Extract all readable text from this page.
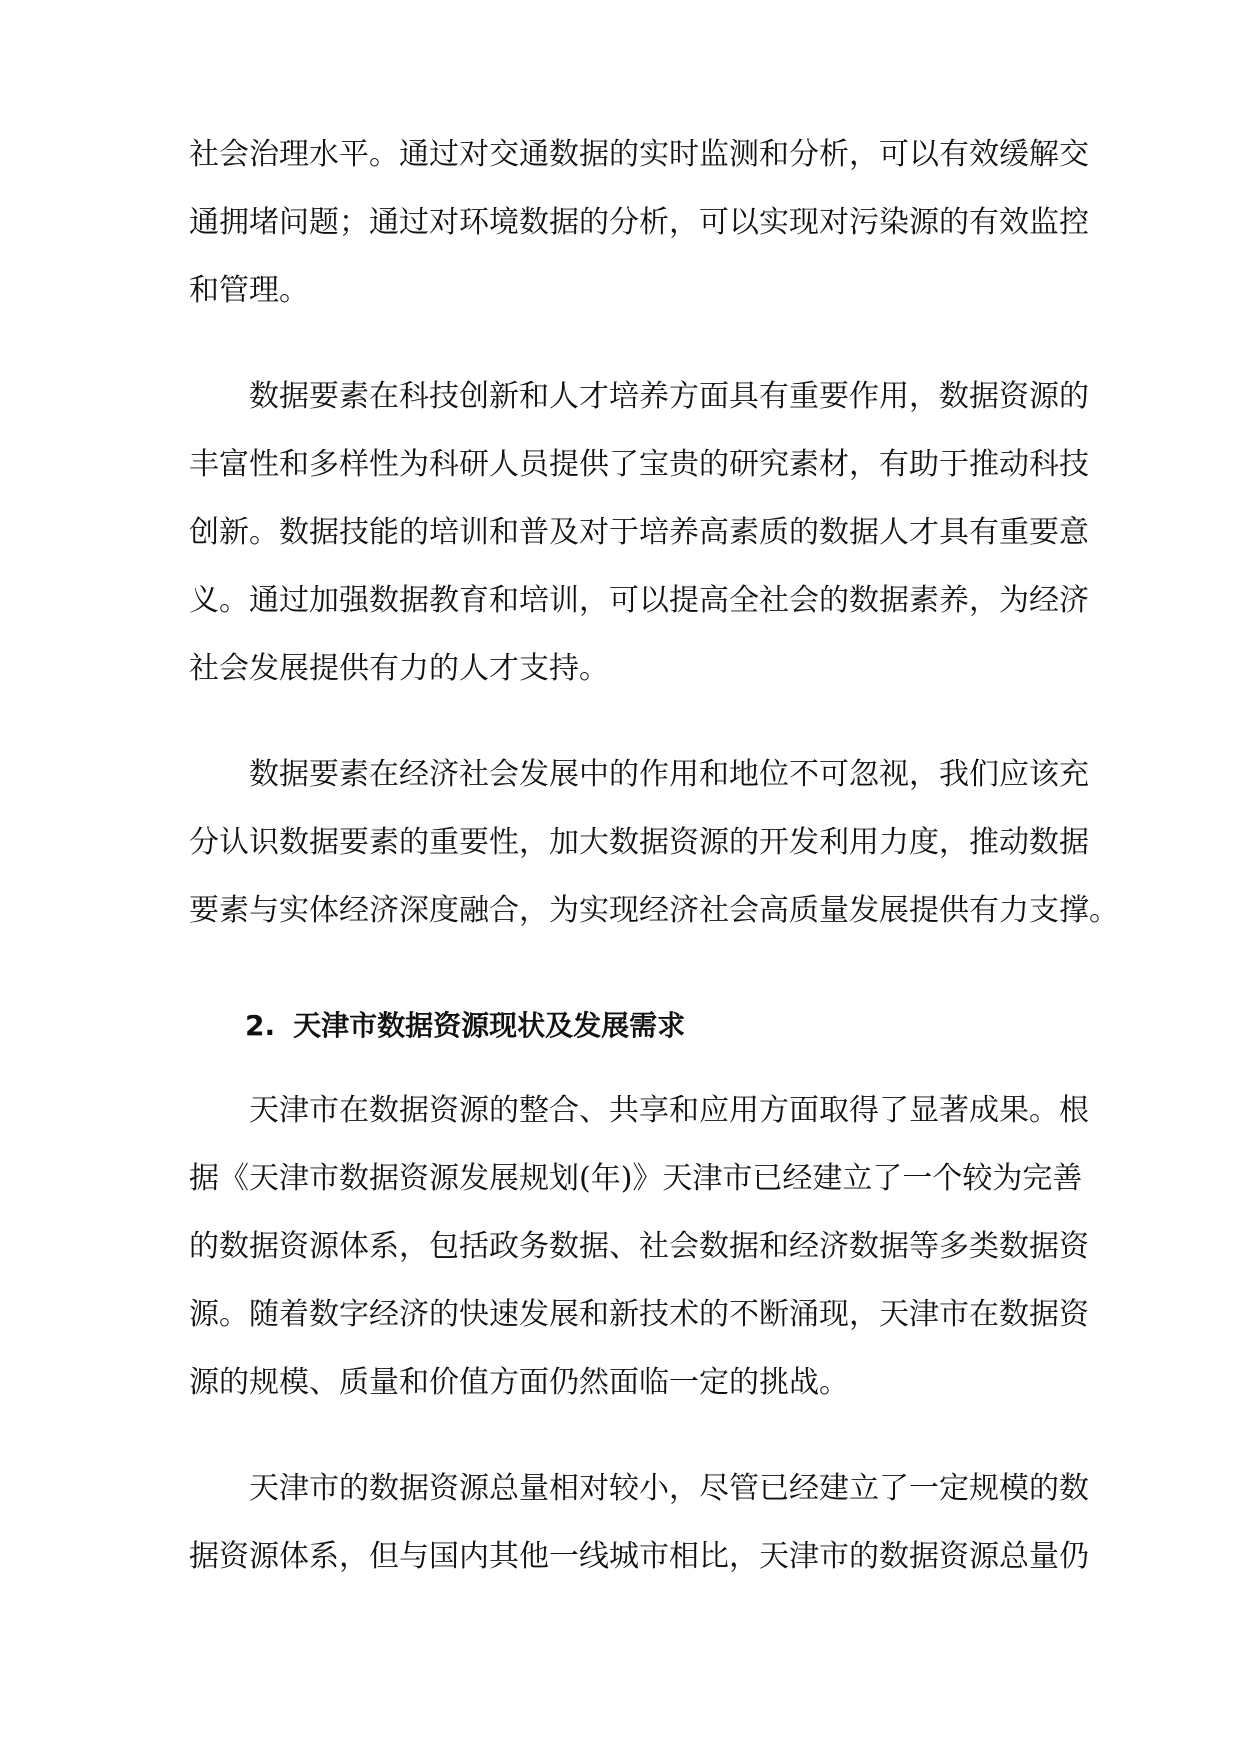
社会治理水平。通过对交通数据的实时监测和分析，可以有效缓解交
通拥堵问题；通过对环境数据的分析，可以实现对污染源的有效监控
和管理。
数据要素在科技创新和人才培养方面具有重要作用，数据资源的
丰富性和多样性为科研人员提供了宝贵的研究素材，有助于推动科技
创新。数据技能的培训和普及对于培养高素质的数据人才具有重要意
义。通过加强数据教育和培训，可以提高全社会的数据素养，为经济
社会发展提供有力的人才支持。
数据要素在经济社会发展中的作用和地位不可忽视，我们应该充
分认识数据要素的重要性，加大数据资源的开发利用力度，推动数据
要素与实体经济深度融合，为实现经济社会高质量发展提供有力支撑。
2. 天津市数据资源现状及发展需求
天津市在数据资源的整合、共享和应用方面取得了显著成果。根
据《天津市数据资源发展规划(年)》天津市已经建立了一个较为完善
的数据资源体系，包括政务数据、社会数据和经济数据等多类数据资
源。随着数字经济的快速发展和新技术的不断涌现，天津市在数据资
源的规模、质量和价值方面仍然面临一定的挑战。
天津市的数据资源总量相对较小，尽管已经建立了一定规模的数
据资源体系，但与国内其他一线城市相比，天津市的数据资源总量仍
